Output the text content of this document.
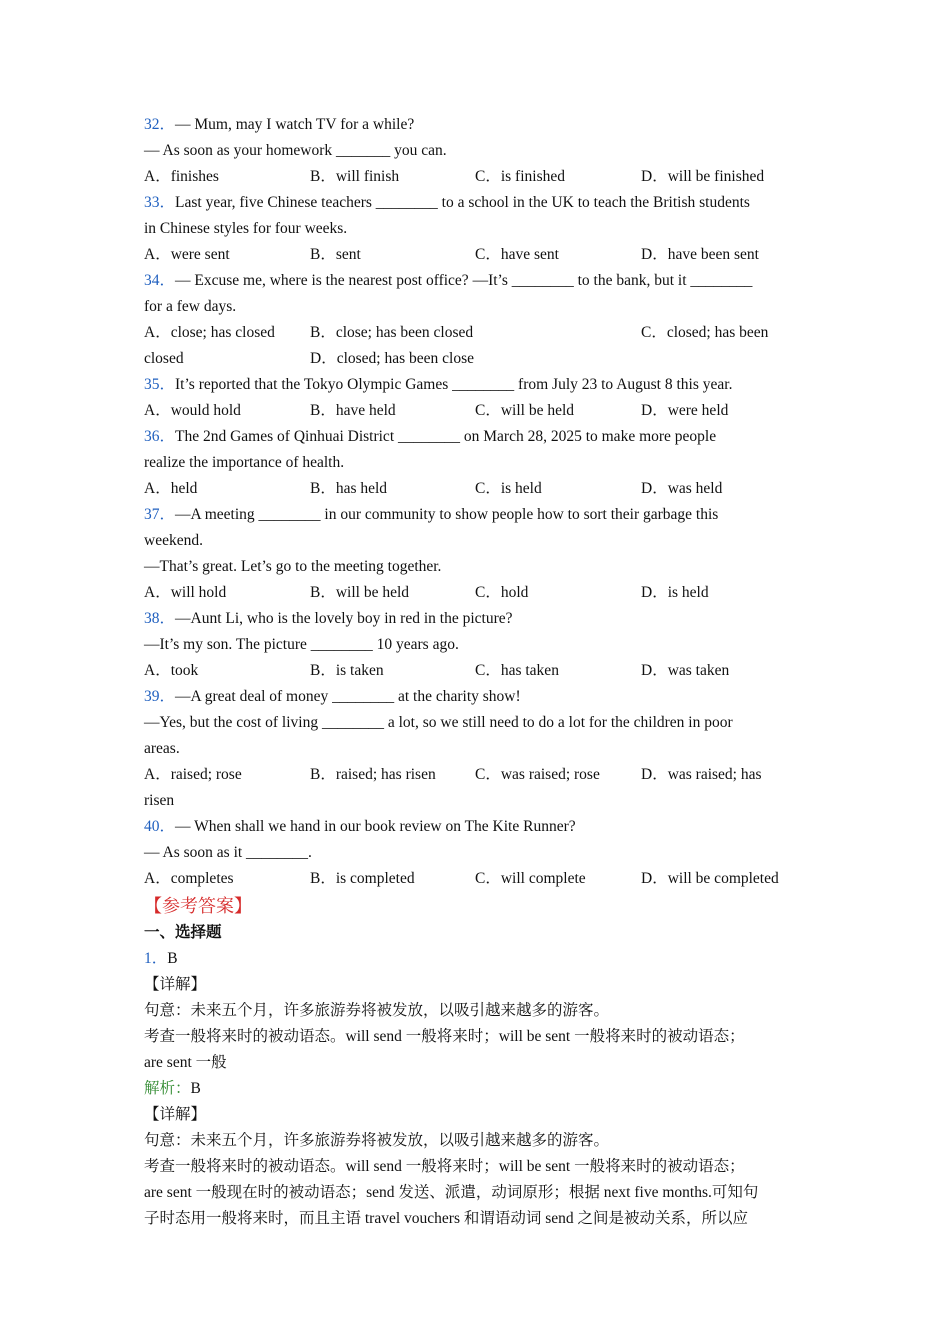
32．— Mum, may I watch TV for a while?
— As soon as your homework _______ you can.
A．finishes	B．will finish	C．is finished	D．will be finished
33．Last year, five Chinese teachers ________ to a school in the UK to teach the British students
in Chinese styles for four weeks.
A．were sent	B．sent	C．have sent	D．have been sent
34．— Excuse me, where is the nearest post office? —It’s ________ to the bank, but it ________
for a few days.
A．close; has closed B．close; has been closed	C．closed; has been
closed	D．closed; has been close
35．It’s reported that the Tokyo Olympic Games ________ from July 23 to August 8 this year.
A．would hold	B．have held	C．will be held	D．were held
36．The 2nd Games of Qinhuai District ________ on March 28, 2025 to make more people
realize the importance of health.
A．held	B．has held	C．is held	D．was held
37．—A meeting ________ in our community to show people how to sort their garbage this
weekend.
—That’s great. Let’s go to the meeting together.
A．will hold	B．will be held	C．hold	D．is held
38．—Aunt Li, who is the lovely boy in red in the picture?
—It’s my son. The picture ________ 10 years ago.
A．took	B．is taken	C．has taken	D．was taken
39．—A great deal of money ________ at the charity show!
—Yes, but the cost of living ________ a lot, so we still need to do a lot for the children in poor
areas.
A．raised; rose	B．raised; has risen	C．was raised; rose	D．was raised; has
risen
40．— When shall we hand in our book review on The Kite Runner?
— As soon as it ________.
A．completes	B．is completed	C．will complete	D．will be completed
【参考答案】
一、选择题
1．B
【详解】
句意：未来五个月，许多旅游券将被发放，以吸引越来越多的游客。
考查一般将来时的被动语态。will send 一般将来时；will be sent 一般将来时的被动语态；
are sent 一般
解析：B
【详解】
句意：未来五个月，许多旅游券将被发放，以吸引越来越多的游客。
考查一般将来时的被动语态。will send 一般将来时；will be sent 一般将来时的被动语态；
are sent 一般现在时的被动语态；send 发送、派遣，动词原形；根据 next five months.可知句
子时态用一般将来时，而且主语 travel vouchers 和谓语动词 send 之间是被动关系，所以应
